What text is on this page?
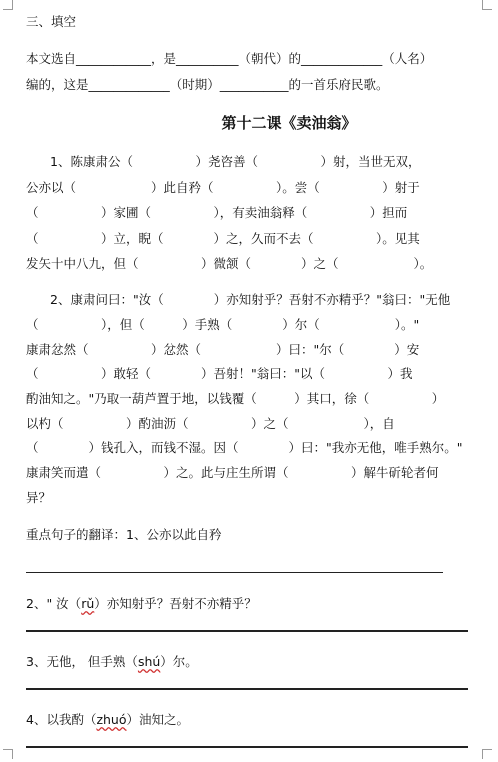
三、填空
本文选自____________，是__________（朝代）的_____________（人名）
编的，这是_____________（时期）___________的一首乐府民歌。
第十二课《卖油翁》
1、陈康肃公（　　　　　）尧咨善（　　　　　）射，当世无双，
公亦以（　　　　　　）此自矜（　　　　　）。尝（　　　　　）射于
（　　　　　）家圃（　　　　　），有卖油翁释（　　　　　）担而
（　　　　　）立，睨（　　　　）之，久而不去（　　　　　）。见其
发矢十中八九，但（　　　　　）微颔（　　　　）之（　　　　　　）。
2、康肃问曰："汝（　　　　）亦知射乎？吾射不亦精乎？"翁曰："无他
（　　　　　），但（　　　）手熟（　　　　）尔（　　　　　　）。"
康肃忿然（　　　　　）忿然（　　　　　　）曰："尔（　　　　）安
（　　　　　）敢轻（　　　　）吾射！"翁曰："以（　　　　　）我
酌油知之。"乃取一葫芦置于地，以钱覆（　　　）其口，徐（　　　　　）
以杓（　　　　　）酌油沥（　　　　　）之（　　　　　　），自
（　　　　）钱孔入，而钱不湿。因（　　　　）曰："我亦无他，唯手熟尔。"
康肃笑而遣（　　　　　）之。此与庄生所谓（　　　　　）解牛斫轮者何
异？
重点句子的翻译：1、公亦以此自矜
2、" 汝（rǔ）亦知射乎？吾射不亦精乎？
3、无他， 但手熟（shú）尔。
4、以我酌（zhuó）油知之。
